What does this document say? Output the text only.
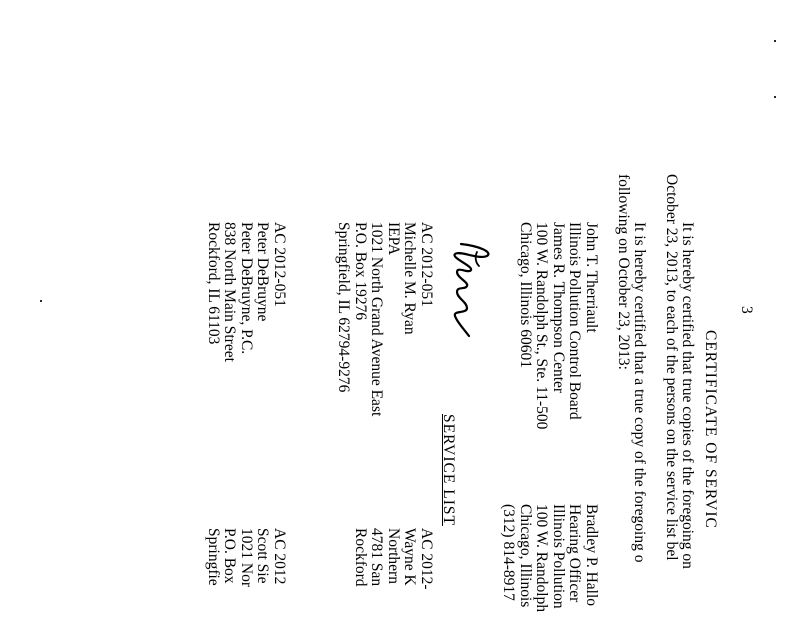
3
CERTIFICATE OF SERVIC
It is hereby certified that true copies of the foregoing on
October 23, 2013, to each of the persons on the service list bel
It is hereby certified that a true copy of the foregoing o
following on October 23, 2013:
John T. Therriault
Illinois Pollution Control Board
James R. Thompson Center
100 W. Randolph St., Ste. 11-500
Chicago, Illinois 60601
Bradley P. Hallo
Hearing Officer
Illinois Pollution
100 W. Randolph
Chicago, Illinois
(312) 814-8917
SERVICE LIST
AC 2012-051
Michelle M. Ryan
IEPA
1021 North Grand Avenue East
P.O. Box 19276
Springfield, IL 62794-9276
AC 2012-
Wayne K
Northern
4781 San
Rockford
AC 2012-051
Peter DeBruyne
Peter DeBruyne, P.C.
838 North Main Street
Rockford, IL 61103
AC 2012
Scott Sie
1021 Nor
P.O. Box
Springfie
